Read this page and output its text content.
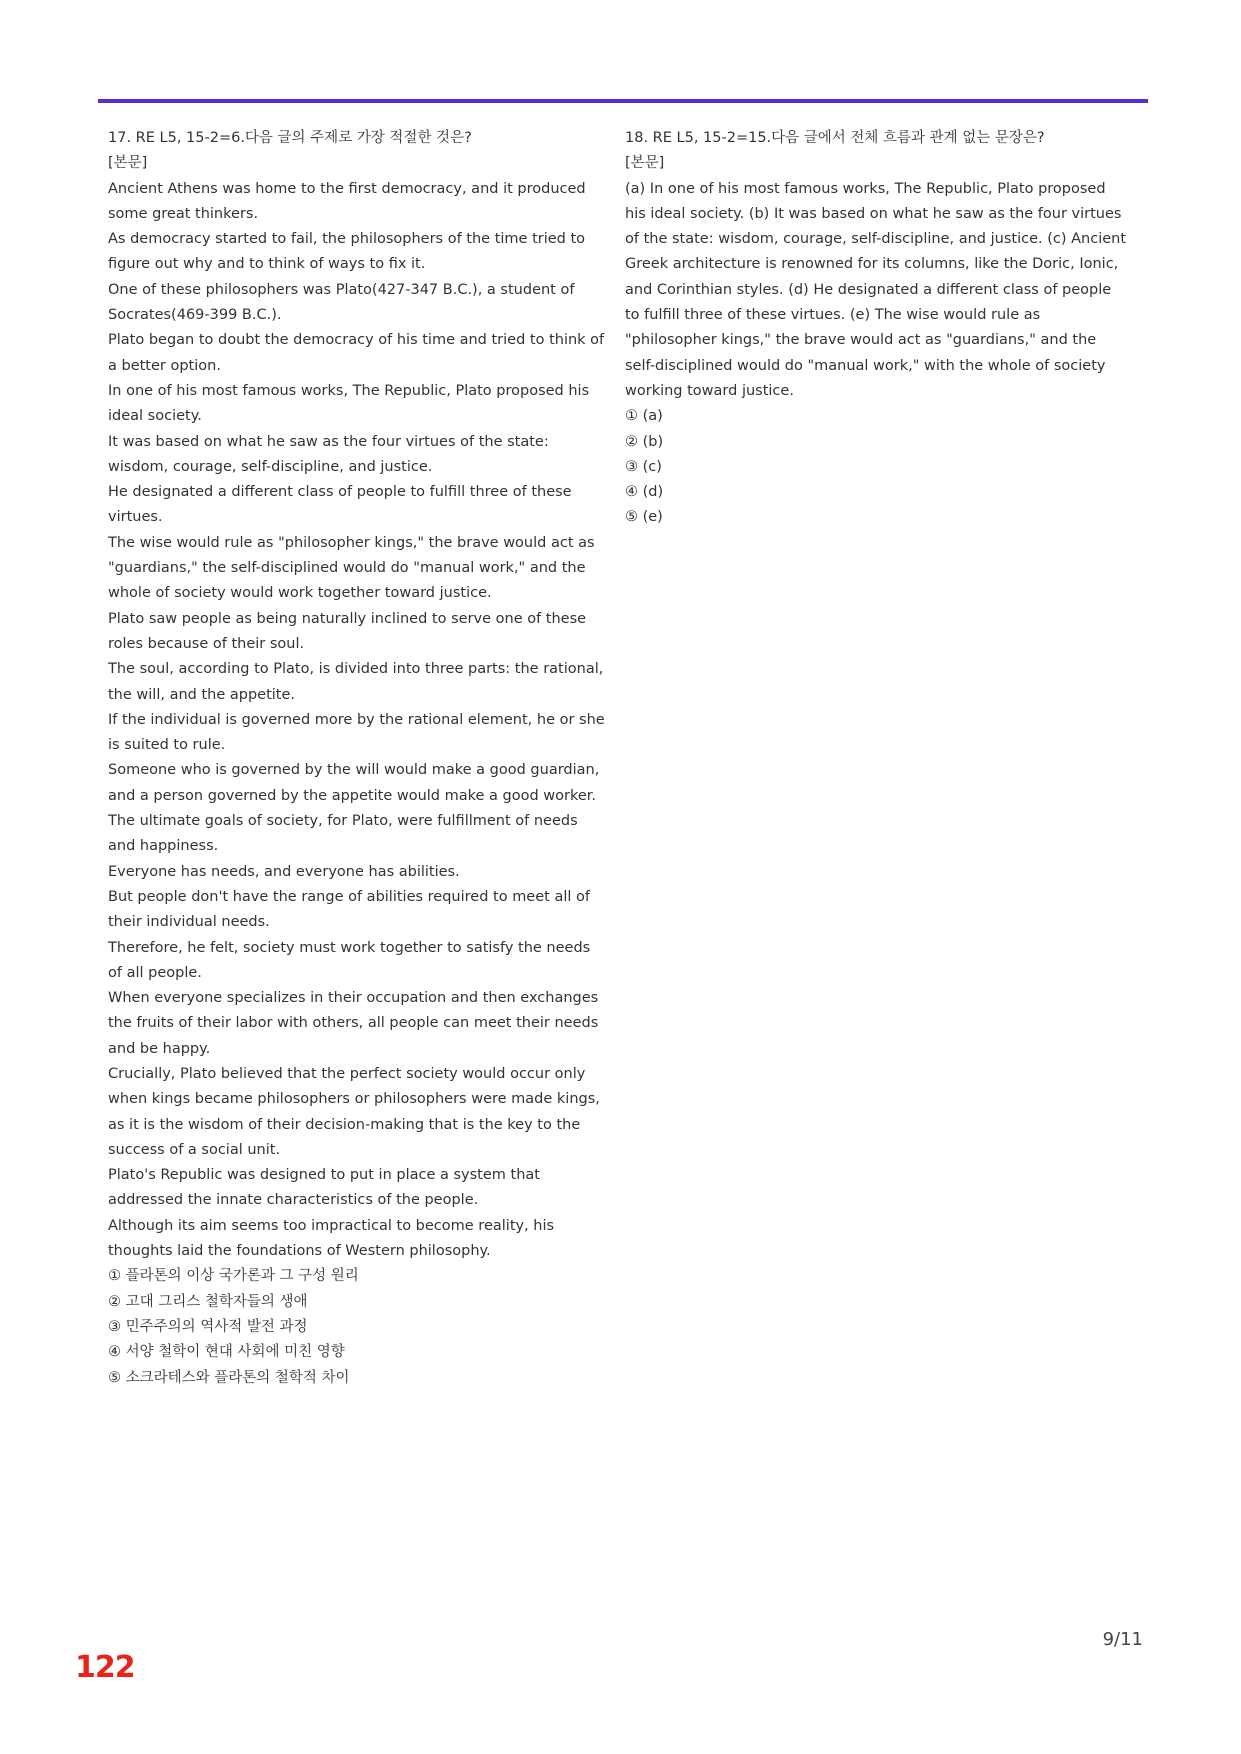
17. RE L5, 15-2=6.다음 글의 주제로 가장 적절한 것은?

[본문]

Ancient Athens was home to the first democracy, and it produced some great thinkers.

As democracy started to fail, the philosophers of the time tried to figure out why and to think of ways to fix it.

One of these philosophers was Plato(427-347 B.C.), a student of Socrates(469-399 B.C.).

Plato began to doubt the democracy of his time and tried to think of a better option.

In one of his most famous works, The Republic, Plato proposed his ideal society.

It was based on what he saw as the four virtues of the state: wisdom, courage, self-discipline, and justice.

He designated a different class of people to fulfill three of these virtues.

The wise would rule as "philosopher kings," the brave would act as "guardians," the self-disciplined would do "manual work," and the whole of society would work together toward justice.

Plato saw people as being naturally inclined to serve one of these roles because of their soul.

The soul, according to Plato, is divided into three parts: the rational, the will, and the appetite.

If the individual is governed more by the rational element, he or she is suited to rule.

Someone who is governed by the will would make a good guardian, and a person governed by the appetite would make a good worker.

The ultimate goals of society, for Plato, were fulfillment of needs and happiness.

Everyone has needs, and everyone has abilities.

But people don't have the range of abilities required to meet all of their individual needs.

Therefore, he felt, society must work together to satisfy the needs of all people.

When everyone specializes in their occupation and then exchanges the fruits of their labor with others, all people can meet their needs and be happy.

Crucially, Plato believed that the perfect society would occur only when kings became philosophers or philosophers were made kings, as it is the wisdom of their decision-making that is the key to the success of a social unit.

Plato's Republic was designed to put in place a system that addressed the innate characteristics of the people.

Although its aim seems too impractical to become reality, his thoughts laid the foundations of Western philosophy.

① 플라톤의 이상 국가론과 그 구성 원리

② 고대 그리스 철학자들의 생애

③ 민주주의의 역사적 발전 과정

④ 서양 철학이 현대 사회에 미친 영향

⑤ 소크라테스와 플라톤의 철학적 차이

18. RE L5, 15-2=15.다음 글에서 전체 흐름과 관계 없는 문장은?

[본문]

(a) In one of his most famous works, The Republic, Plato proposed his ideal society. (b) It was based on what he saw as the four virtues of the state: wisdom, courage, self-discipline, and justice. (c) Ancient Greek architecture is renowned for its columns, like the Doric, Ionic, and Corinthian styles. (d) He designated a different class of people to fulfill three of these virtues. (e) The wise would rule as "philosopher kings," the brave would act as "guardians," and the self-disciplined would do "manual work," with the whole of society working toward justice.

① (a)

② (b)

③ (c)

④ (d)

⑤ (e)

9/11
122
